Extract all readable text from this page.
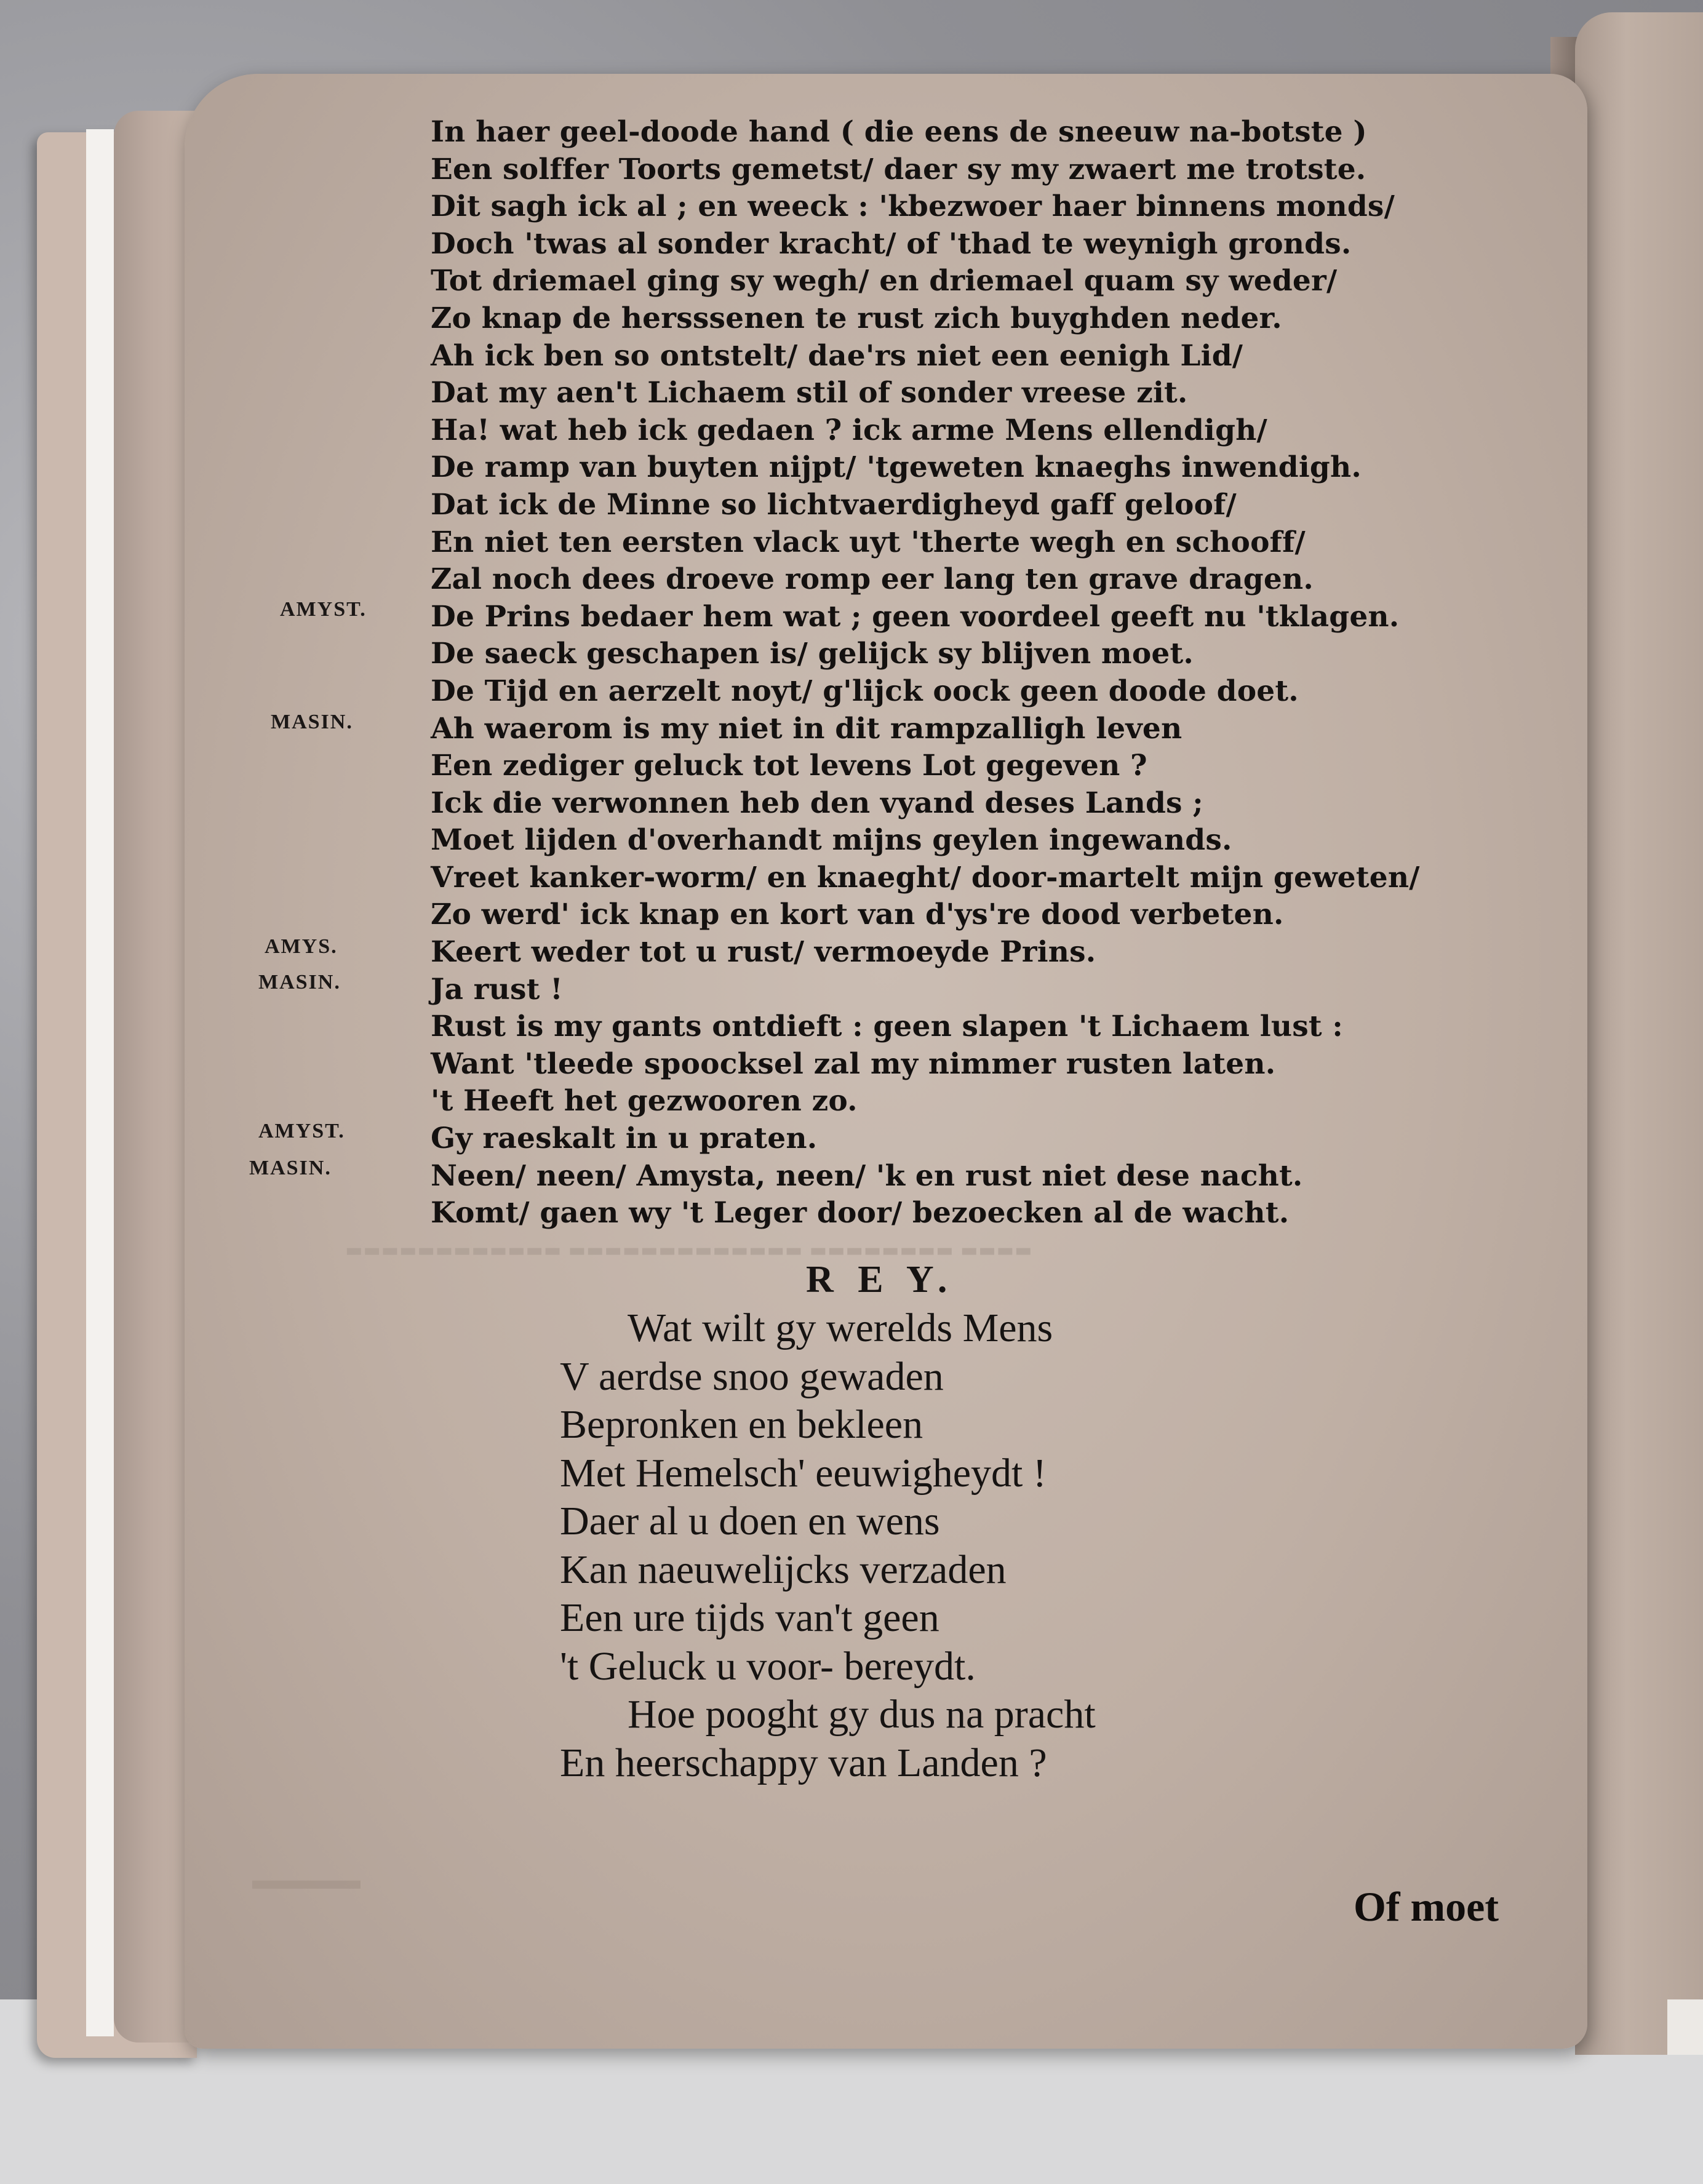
▬▬▬▬ ▬▬▬▬▬▬▬▬ ▬▬▬▬▬▬▬▬▬▬▬▬▬ ▬▬▬▬▬▬▬▬▬▬▬▬
In haer geel-doode hand ( die eens de sneeuw na-botste )
Een solffer Toorts gemetst/ daer sy my zwaert me trotste.
Dit sagh ick al ; en weeck : 'kbezwoer haer binnens monds/
Doch 'twas al sonder kracht/ of 'thad te weynigh gronds.
Tot driemael ging sy wegh/ en driemael quam sy weder/
Zo knap de hersssenen te rust zich buyghden neder.
Ah ick ben so ontstelt/ dae'rs niet een eenigh Lid/
Dat my aen't Lichaem stil of sonder vreese zit.
Ha! wat heb ick gedaen ? ick arme Mens ellendigh/
De ramp van buyten nijpt/ 'tgeweten knaeghs inwendigh.
Dat ick de Minne so lichtvaerdigheyd gaff geloof/
En niet ten eersten vlack uyt 'therte wegh en schooff/
Zal noch dees droeve romp eer lang ten grave dragen.
De Prins bedaer hem wat ; geen voordeel geeft nu 'tklagen.
De saeck geschapen is/ gelijck sy blijven moet.
De Tijd en aerzelt noyt/ g'lijck oock geen doode doet.
Ah waerom is my niet in dit rampzalligh leven
Een zediger geluck tot levens Lot gegeven ?
Ick die verwonnen heb den vyand deses Lands ;
Moet lijden d'overhandt mijns geylen ingewands.
Vreet kanker-worm/ en knaeght/ door-martelt mijn geweten/
Zo werd' ick knap en kort van d'ys're dood verbeten.
Keert weder tot u rust/ vermoeyde Prins.
Ja rust !
Rust is my gants ontdieft : geen slapen 't Lichaem lust :
Want 'tleede spoocksel zal my nimmer rusten laten.
't Heeft het gezwooren zo.
Gy raeskalt in u praten.
Neen/ neen/ Amysta, neen/ 'k en rust niet dese nacht.
Komt/ gaen wy 't Leger door/ bezoecken al de wacht.
AMYST.
MASIN.
AMYS.
MASIN.
AMYST.
MASIN.
R E Y.
Wat wilt gy werelds Mens
V aerdse snoo gewaden
Bepronken en bekleen
Met Hemelsch' eeuwigheydt !
Daer al u doen en wens
Kan naeuwelijcks verzaden
Een ure tijds van't geen
't Geluck u voor- bereydt.
Hoe pooght gy dus na pracht
En heerschappy van Landen ?
▬▬▬▬
Of moet
